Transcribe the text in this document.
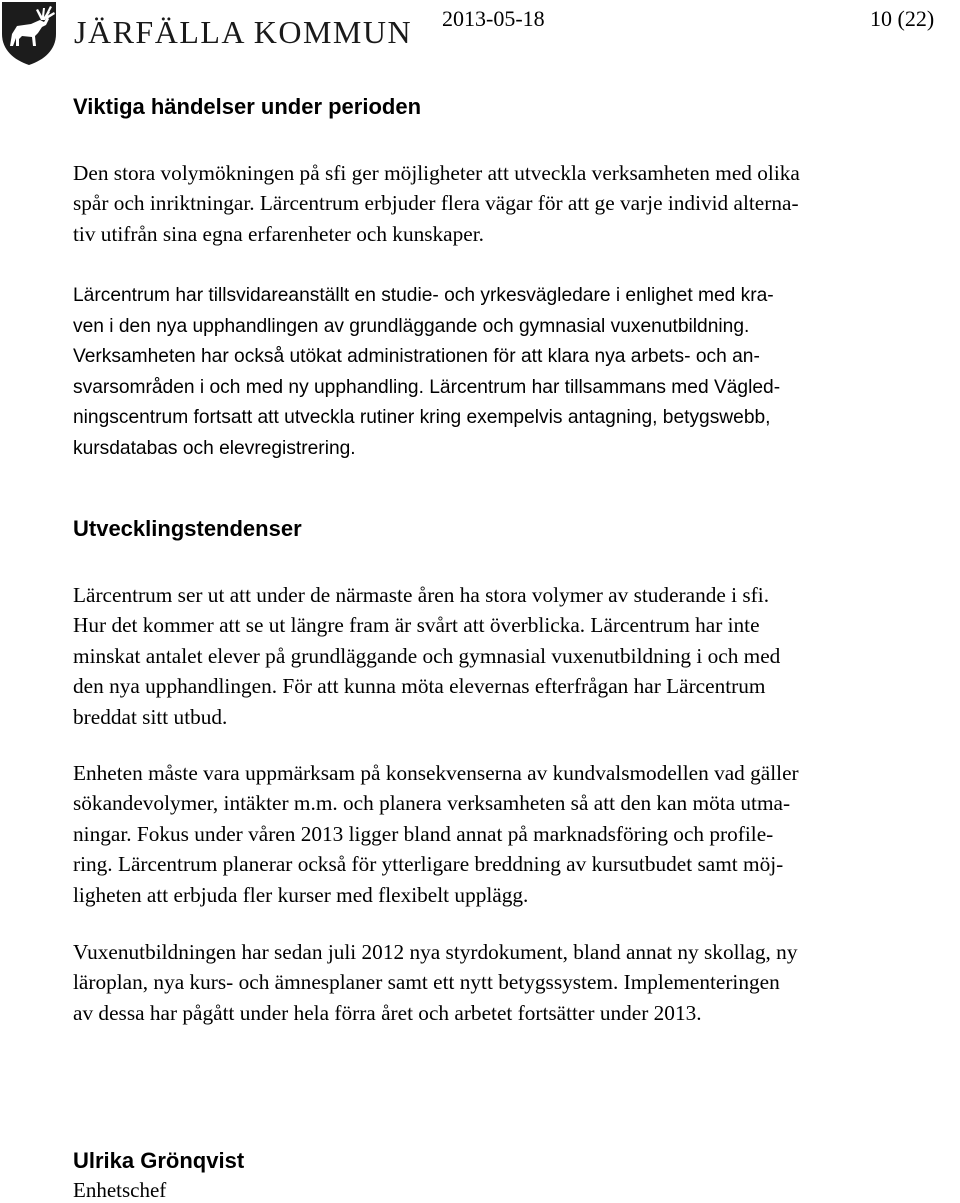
JÄRFÄLLA KOMMUN 2013-05-18	10 (22)
Viktiga händelser under perioden

Den stora volymökningen på sfi ger möjligheter att utveckla verksamheten med olika
spår och inriktningar. Lärcentrum erbjuder flera vägar för att ge varje individ alterna-
tiv utifrån sina egna erfarenheter och kunskaper.

Lärcentrum har tillsvidareanställt en studie- och yrkesvägledare i enlighet med kra-
ven i den nya upphandlingen av grundläggande och gymnasial vuxenutbildning.
Verksamheten har också utökat administrationen för att klara nya arbets- och an-
svarsområden i och med ny upphandling. Lärcentrum har tillsammans med Vägled-
ningscentrum fortsatt att utveckla rutiner kring exempelvis antagning, betygswebb,
kursdatabas och elevregistrering.

Utvecklingstendenser

Lärcentrum ser ut att under de närmaste åren ha stora volymer av studerande i sfi.
Hur det kommer att se ut längre fram är svårt att överblicka. Lärcentrum har inte
minskat antalet elever på grundläggande och gymnasial vuxenutbildning i och med
den nya upphandlingen. För att kunna möta elevernas efterfrågan har Lärcentrum
breddat sitt utbud.

Enheten måste vara uppmärksam på konsekvenserna av kundvalsmodellen vad gäller
sökandevolymer, intäkter m.m. och planera verksamheten så att den kan möta utma-
ningar. Fokus under våren 2013 ligger bland annat på marknadsföring och profile-
ring. Lärcentrum planerar också för ytterligare breddning av kursutbudet samt möj-
ligheten att erbjuda fler kurser med flexibelt upplägg.

Vuxenutbildningen har sedan juli 2012 nya styrdokument, bland annat ny skollag, ny
läroplan, nya kurs- och ämnesplaner samt ett nytt betygssystem. Implementeringen
av dessa har pågått under hela förra året och arbetet fortsätter under 2013.

Ulrika Grönqvist

Enhetschef
